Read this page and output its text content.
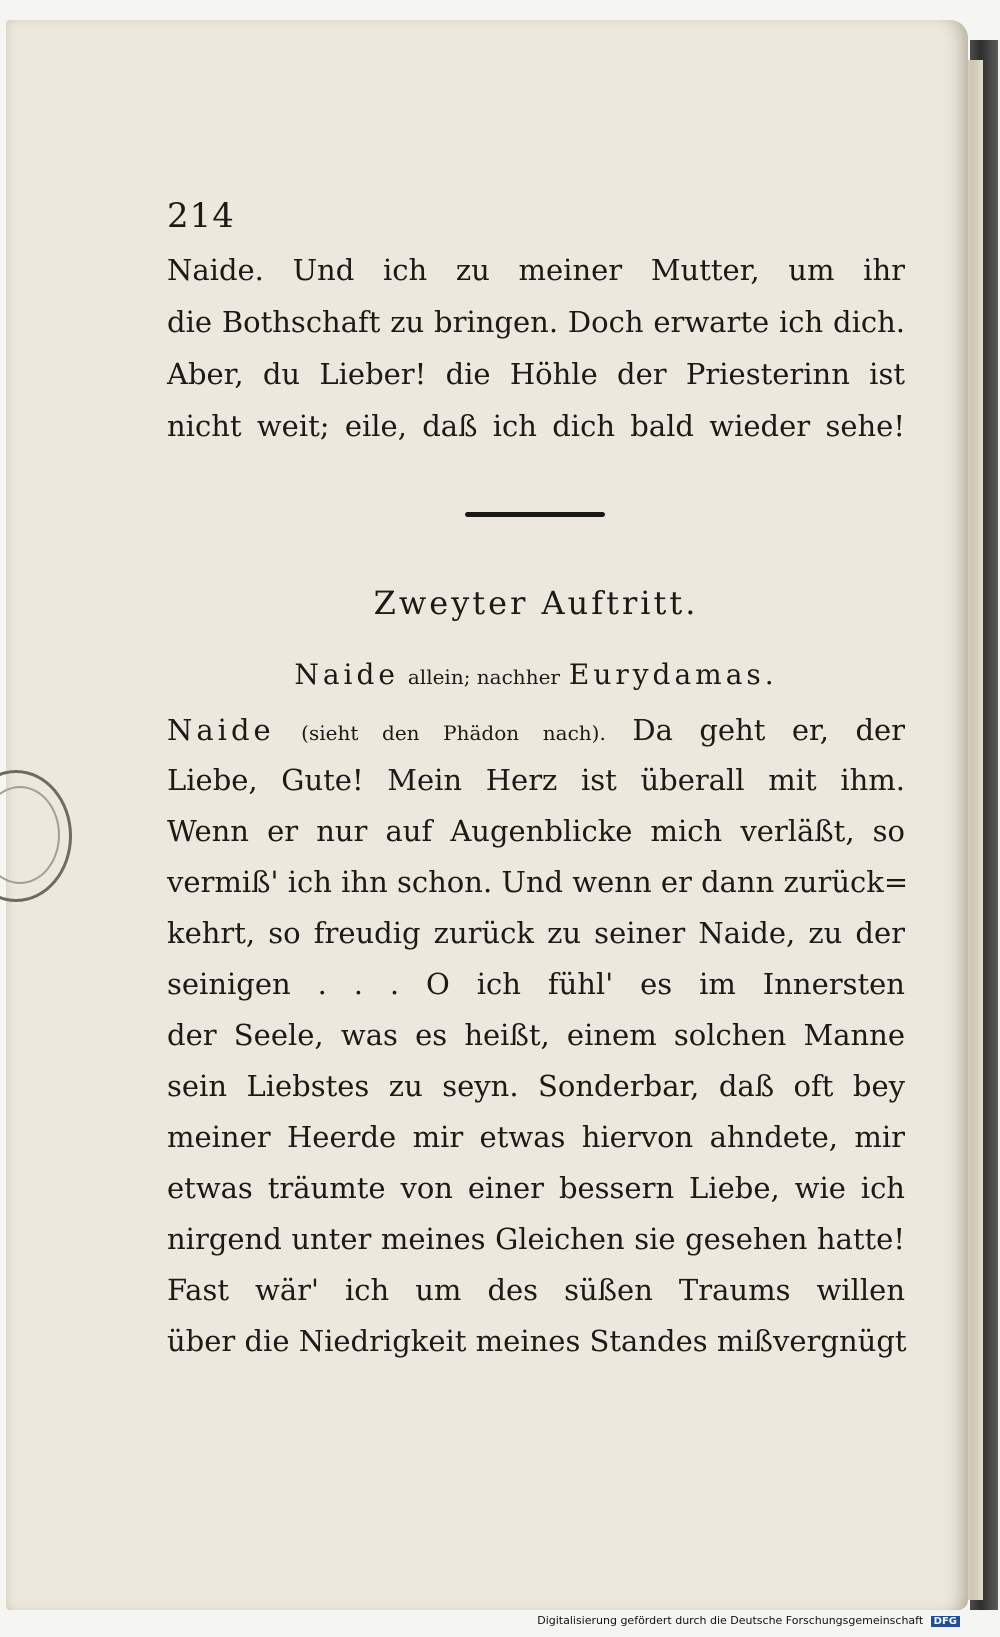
214
Naide. Und ich zu meiner Mutter, um ihr
die Bothschaft zu bringen. Doch erwarte ich dich.
Aber, du Lieber! die Höhle der Priesterinn ist
nicht weit; eile, daß ich dich bald wieder sehe!
Zweyter Auftritt.
Naide allein; nachher Eurydamas.
Naide (sieht den Phädon nach). Da geht er, der
Liebe, Gute! Mein Herz ist überall mit ihm.
Wenn er nur auf Augenblicke mich verläßt, so
vermiß' ich ihn schon. Und wenn er dann zurück=
kehrt, so freudig zurück zu seiner Naide, zu der
seinigen . . . O ich fühl' es im Innersten
der Seele, was es heißt, einem solchen Manne
sein Liebstes zu seyn. Sonderbar, daß oft bey
meiner Heerde mir etwas hiervon ahndete, mir
etwas träumte von einer bessern Liebe, wie ich
nirgend unter meines Gleichen sie gesehen hatte!
Fast wär' ich um des süßen Traums willen
über die Niedrigkeit meines Standes mißvergnügt
Digitalisierung gefördert durch die Deutsche Forschungsgemeinschaft DFG
